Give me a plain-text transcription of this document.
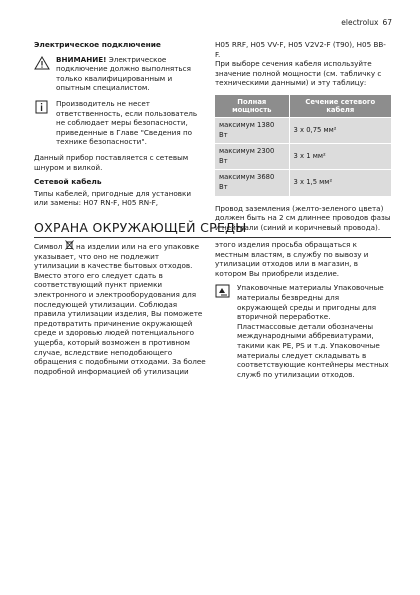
electrolux 67
Электрическое подключение
ВНИМАНИЕ! Электрическое подключение должно выполняться только квалифицированным и опытным специалистом.
Производитель не несет ответственность, если пользователь не соблюдает меры безопасности, приведенные в Главе "Сведения по технике безопасности".
Данный прибор поставляется с сетевым шнуром и вилкой.
Сетевой кабель
Типы кабелей, пригодные для установки или замены: H07 RN-F, H05 RN-F,
H05 RRF, H05 VV-F, H05 V2V2-F (T90), H05 BB-F.
При выборе сечения кабеля используйте значение полной мощности (см. табличку с техническими данными) и эту таблицу:
Полная мощность	Сечение сетевого кабеля
максимум 1380 Вт	3 x 0,75 мм²
максимум 2300 Вт	3 x 1 мм²
максимум 3680 Вт	3 x 1,5 мм²
Провод заземления (желто-зеленого цвета) должен быть на 2 см длиннее проводов фазы и нейтрали (синий и коричневый провода).
ОХРАНА ОКРУЖАЮЩЕЙ СРЕДЫ
Символ на изделии или на его упаковке указывает, что оно не подлежит утилизации в качестве бытовых отходов. Вместо этого его следует сдать в соответствующий пункт приемки электронного и электрооборудования для последующей утилизации. Соблюдая правила утилизации изделия, Вы поможете предотвратить причинение окружающей среде и здоровью людей потенциального ущерба, который возможен в противном случае, вследствие неподобающего обращения с подобными отходами. За более подробной информацией об утилизации
этого изделия просьба обращаться к местным властям, в службу по вывозу и утилизации отходов или в магазин, в котором Вы приобрели изделие.
Упаковочные материалы Упаковочные материалы безвредны для окружающей среды и пригодны для вторичной переработке. Пластмассовые детали обозначены международными аббревиатурами, такими как PE, PS и т.д. Упаковочные материалы следует складывать в соответствующие контейнеры местных служб по утилизации отходов.
